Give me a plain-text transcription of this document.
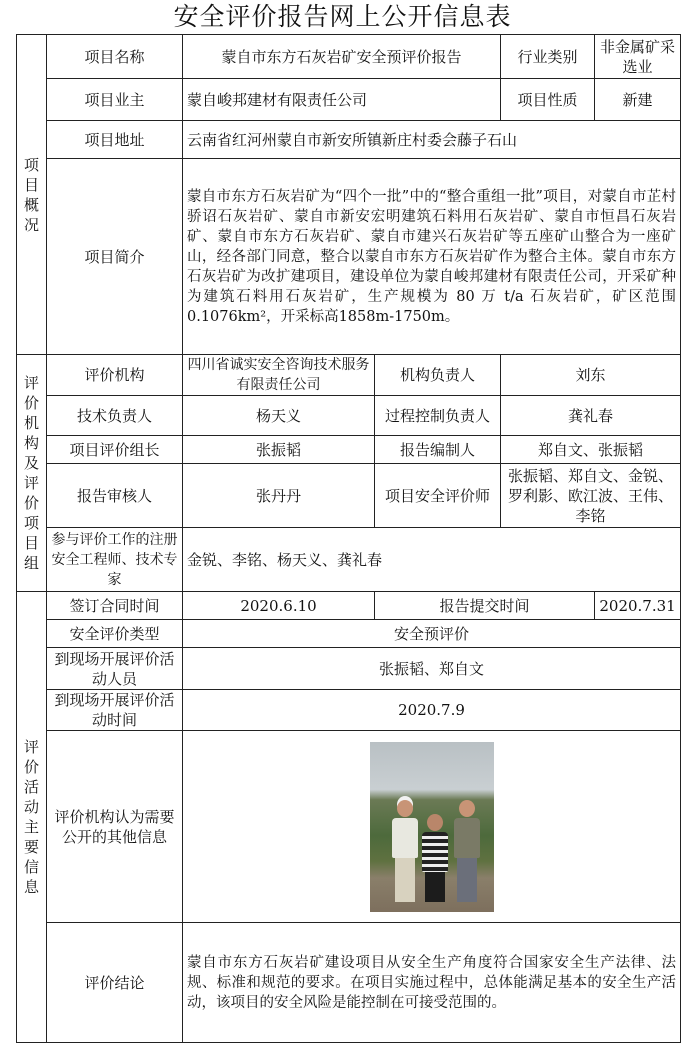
安全评价报告网上公开信息表
项目概况	项目名称	蒙自市东方石灰岩矿安全预评价报告		行业类别	非金属矿采选业
	项目业主	蒙自峻邦建材有限责任公司		项目性质	新建
	项目地址	云南省红河州蒙自市新安所镇新庄村委会藤子石山			
	项目简介	蒙自市东方石灰岩矿为“四个一批”中的“整合重组一批”项目，对蒙自市芷村骄诏石灰岩矿、蒙自市新安宏明建筑石料用石灰岩矿、蒙自市恒昌石灰岩矿、蒙自市东方石灰岩矿、蒙自市建兴石灰岩矿等五座矿山整合为一座矿山，经各部门同意，整合以蒙自市东方石灰岩矿作为整合主体。蒙自市东方石灰岩矿为改扩建项目，建设单位为蒙自峻邦建材有限责任公司，开采矿种为建筑石料用石灰岩矿，生产规模为 80 万 t/a 石灰岩矿，矿区范围 0.1076km²，开采标高1858m-1750m。			
评价机构及评价项目组	评价机构	四川省诚实安全咨询技术服务有限责任公司	机构负责人	刘东	
	技术负责人	杨天义	过程控制负责人	龚礼春	
	项目评价组长	张振韬	报告编制人	郑自文、张振韬	
	报告审核人	张丹丹	项目安全评价师	张振韬、郑自文、金锐、罗利影、欧江波、王伟、李铭	
	参与评价工作的注册安全工程师、技术专家	金锐、李铭、杨天义、龚礼春			
评价活动主要信息	签订合同时间	2020.6.10	报告提交时间		2020.7.31
	安全评价类型	安全预评价			
	到现场开展评价活动人员	张振韬、郑自文			
	到现场开展评价活动时间	2020.7.9			
	评价机构认为需要公开的其他信息				

	评价结论	蒙自市东方石灰岩矿建设项目从安全生产角度符合国家安全生产法律、法规、标准和规范的要求。在项目实施过程中，总体能满足基本的安全生产活动，该项目的安全风险是能控制在可接受范围的。			
